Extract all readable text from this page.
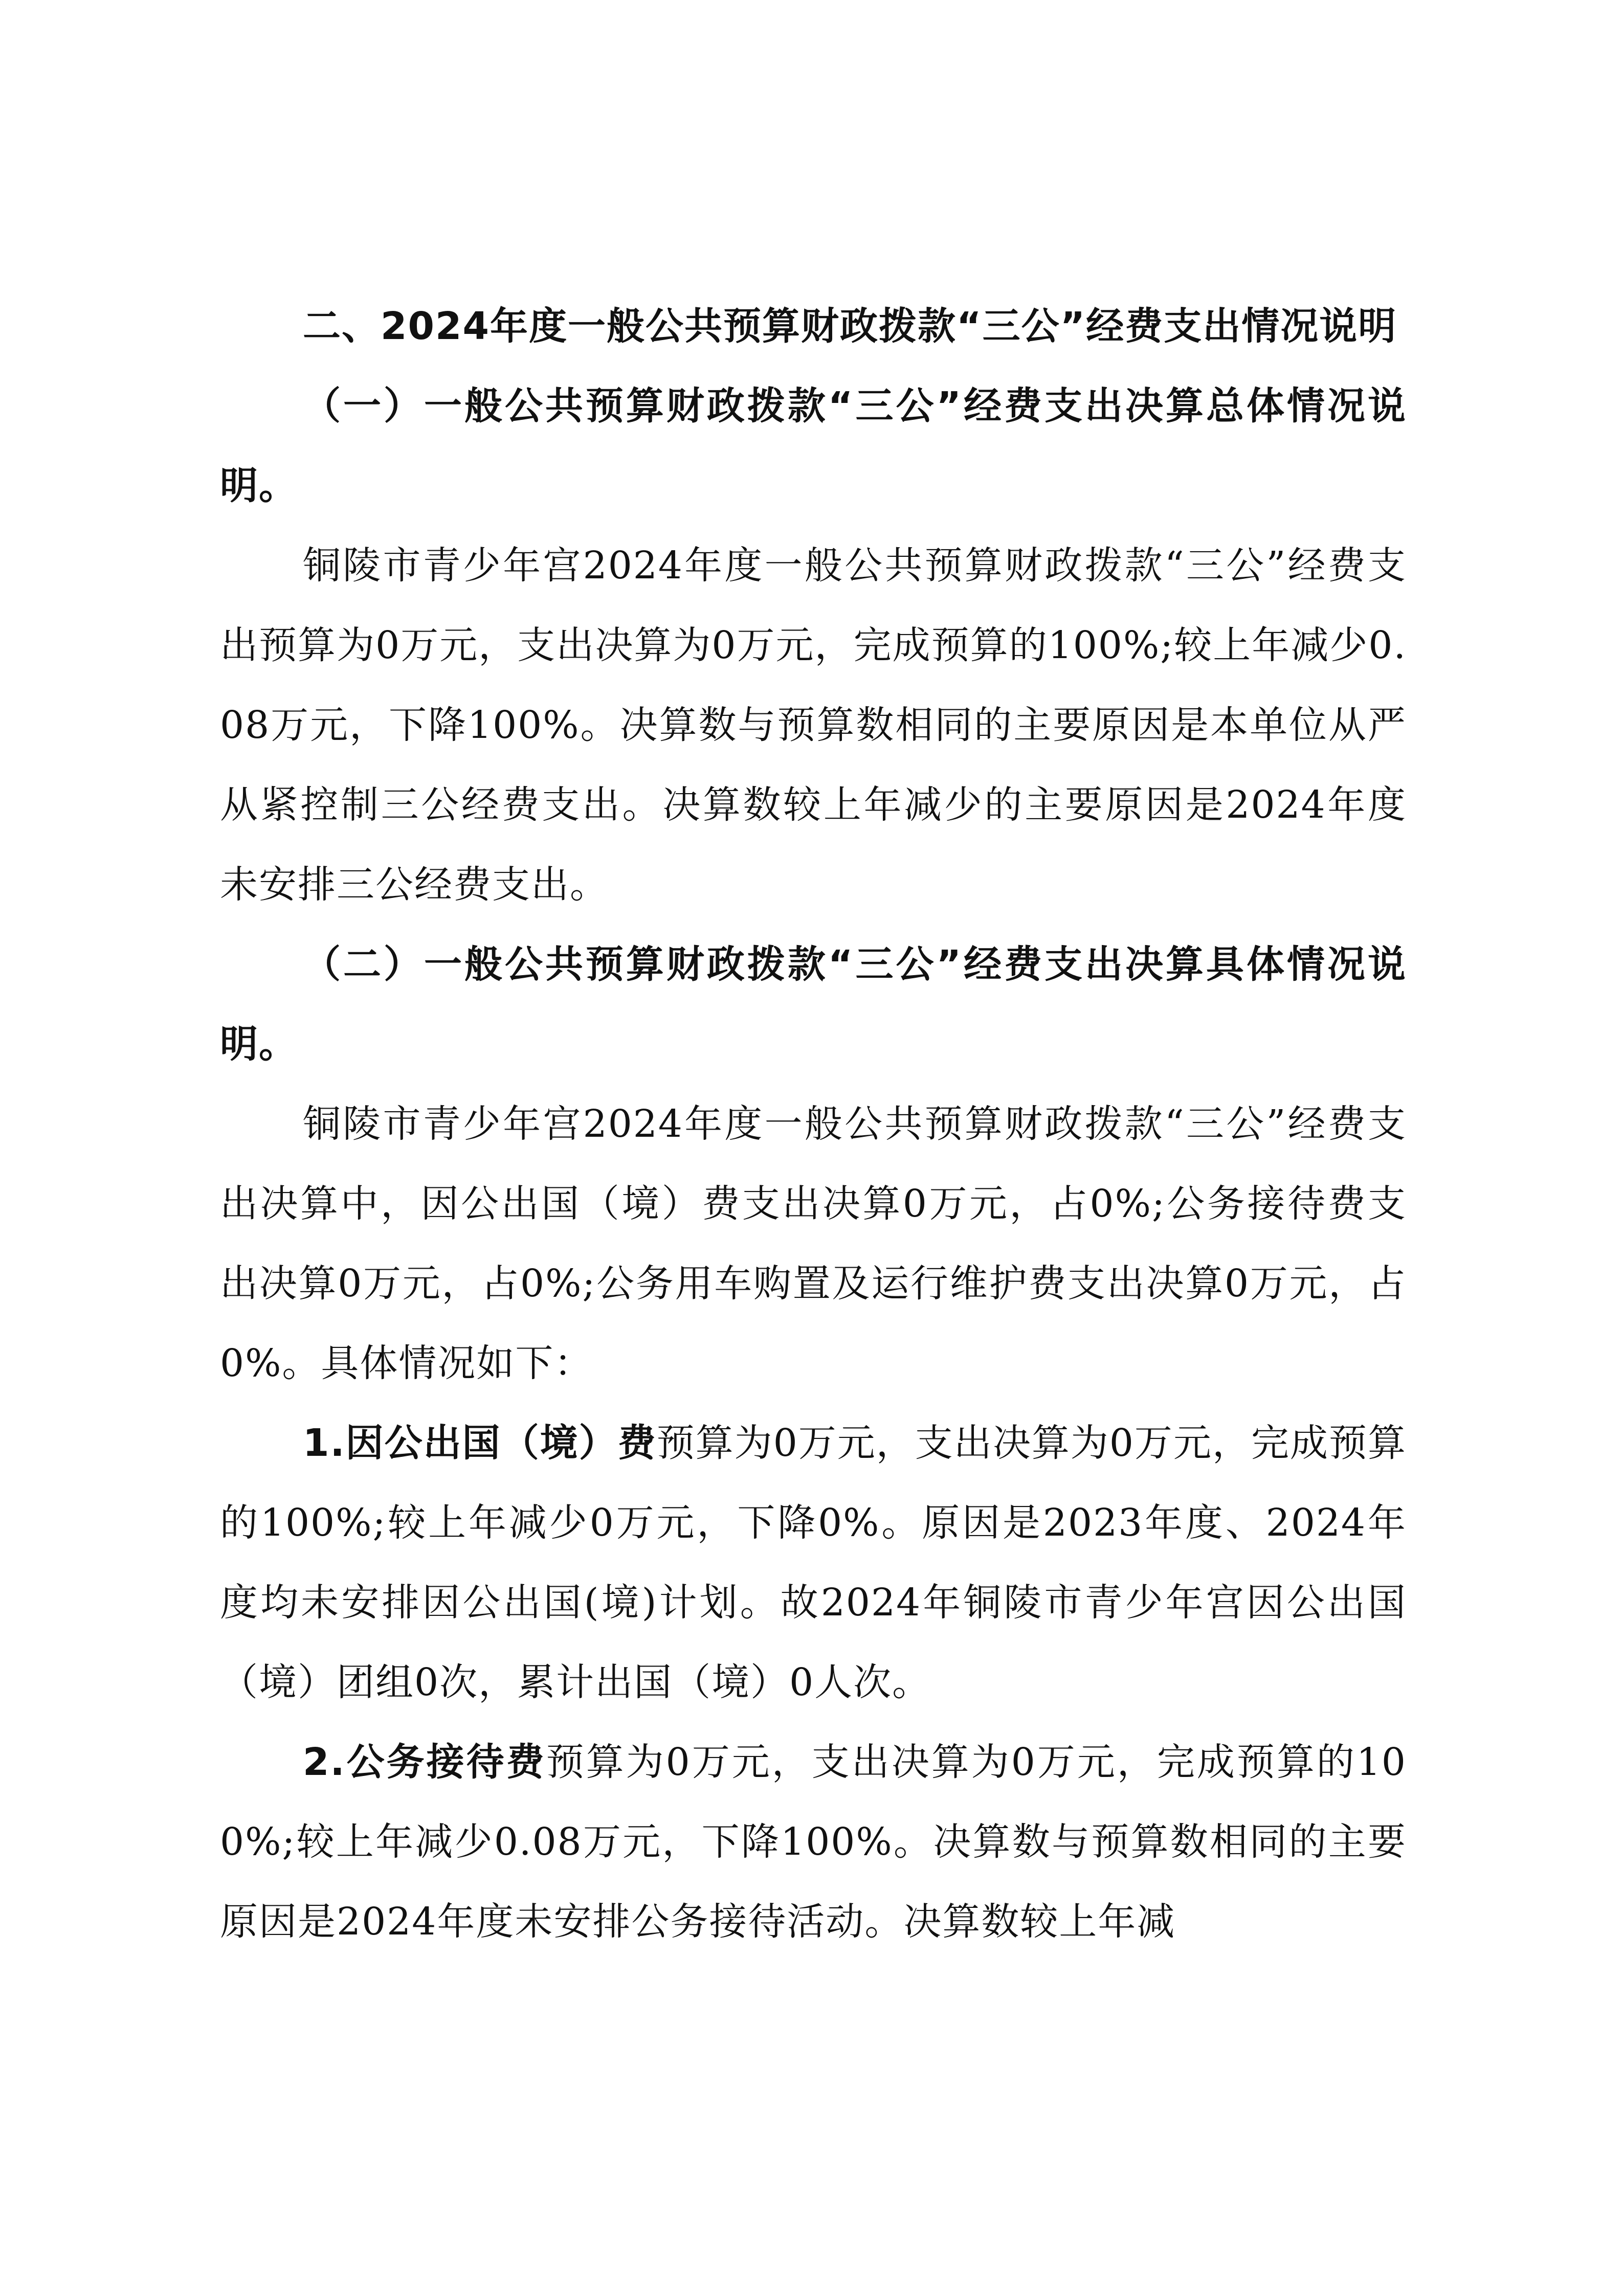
二、2024年度一般公共预算财政拨款“三公”经费支出情况说明

（一）一般公共预算财政拨款“三公”经费支出决算总体情况说明。

铜陵市青少年宫2024年度一般公共预算财政拨款“三公”经费支出预算为0万元，支出决算为0万元，完成预算的100%;较上年减少0.08万元，下降100%。决算数与预算数相同的主要原因是本单位从严从紧控制三公经费支出。决算数较上年减少的主要原因是2024年度未安排三公经费支出。

（二）一般公共预算财政拨款“三公”经费支出决算具体情况说明。

铜陵市青少年宫2024年度一般公共预算财政拨款“三公”经费支出决算中，因公出国（境）费支出决算0万元，占0%;公务接待费支出决算0万元，占0%;公务用车购置及运行维护费支出决算0万元，占0%。具体情况如下：

1.因公出国（境）费预算为0万元，支出决算为0万元，完成预算的100%;较上年减少0万元，下降0%。原因是2023年度、2024年度均未安排因公出国(境)计划。故2024年铜陵市青少年宫因公出国（境）团组0次，累计出国（境）0人次。

2.公务接待费预算为0万元，支出决算为0万元，完成预算的100%;较上年减少0.08万元，下降100%。决算数与预算数相同的主要原因是2024年度未安排公务接待活动。决算数较上年减
